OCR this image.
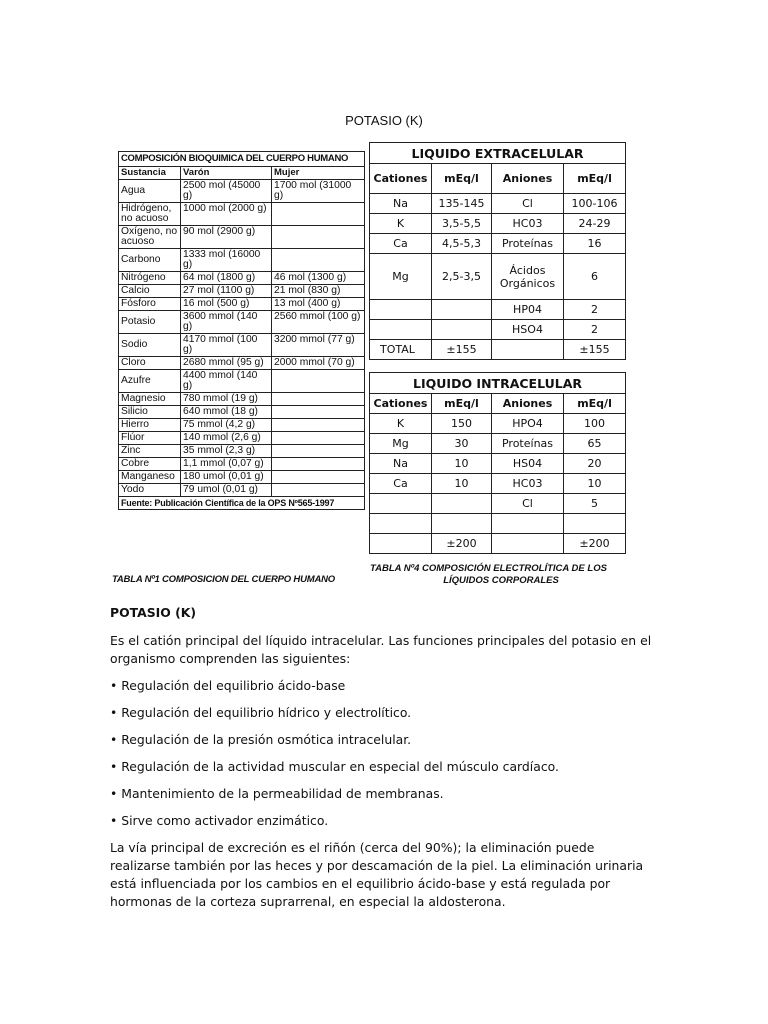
POTASIO (K)
COMPOSICIÓN BIOQUIMICA DEL CUERPO HUMANO		
Sustancia	Varón	Mujer
Agua	2500 mol (45000 g)	1700 mol (31000 g)
Hidrógeno, no acuoso	1000 mol (2000 g)	
Oxígeno, no acuoso	90 mol (2900 g)	
Carbono	1333 mol (16000 g)	
Nitrógeno	64 mol (1800 g)	46 mol (1300 g)
Calcio	27 mol (1100 g)	21 mol (830 g)
Fósforo	16 mol (500 g)	13 mol (400 g)
Potasio	3600 mmol (140 g)	2560 mmol (100 g)
Sodio	4170 mmol (100 g)	3200 mmol (77 g)
Cloro	2680 mmol (95 g)	2000 mmol (70 g)
Azufre	4400 mmol (140 g)	
Magnesio	780 mmol (19 g)	
Silicio	640 mmol (18 g)	
Hierro	75 mmol (4,2 g)	
Flúor	140 mmol (2,6 g)	
Zinc	35 mmol (2,3 g)	
Cobre	1,1 mmol (0,07 g)	
Manganeso	180 umol (0,01 g)	
Yodo	79 umol (0,01 g)	
Fuente: Publicación Científica de la OPS Nº565-1997		
TABLA Nº1 COMPOSICION DEL CUERPO HUMANO
LIQUIDO EXTRACELULAR			
Cationes	mEq/l	Aniones	mEq/l
Na	135-145	Cl	100-106
K	3,5-5,5	HC03	24-29
Ca	4,5-5,3	Proteínas	16
Mg	2,5-3,5	Ácidos Orgánicos	6
		HP04	2
		HSO4	2
TOTAL	±155		±155
LIQUIDO INTRACELULAR			
Cationes	mEq/l	Aniones	mEq/l
K	150	HPO4	100
Mg	30	Proteínas	65
Na	10	HS04	20
Ca	10	HC03	10
		Cl	5

	±200		±200
TABLA Nº4 COMPOSICIÓN ELECTROLÍTICA DE LOS
LÍQUIDOS CORPORALES
POTASIO (K)

Es el catión principal del líquido intracelular. Las funciones principales del potasio en el organismo comprenden las siguientes:

• Regulación del equilibrio ácido-base
• Regulación del equilibrio hídrico y electrolítico.
• Regulación de la presión osmótica intracelular.
• Regulación de la actividad muscular en especial del músculo cardíaco.
• Mantenimiento de la permeabilidad de membranas.
• Sirve como activador enzimático.

La vía principal de excreción es el riñón (cerca del 90%); la eliminación puede realizarse también por las heces y por descamación de la piel. La eliminación urinaria está influenciada por los cambios en el equilibrio ácido-base y está regulada por hormonas de la corteza suprarrenal, en especial la aldosterona.
